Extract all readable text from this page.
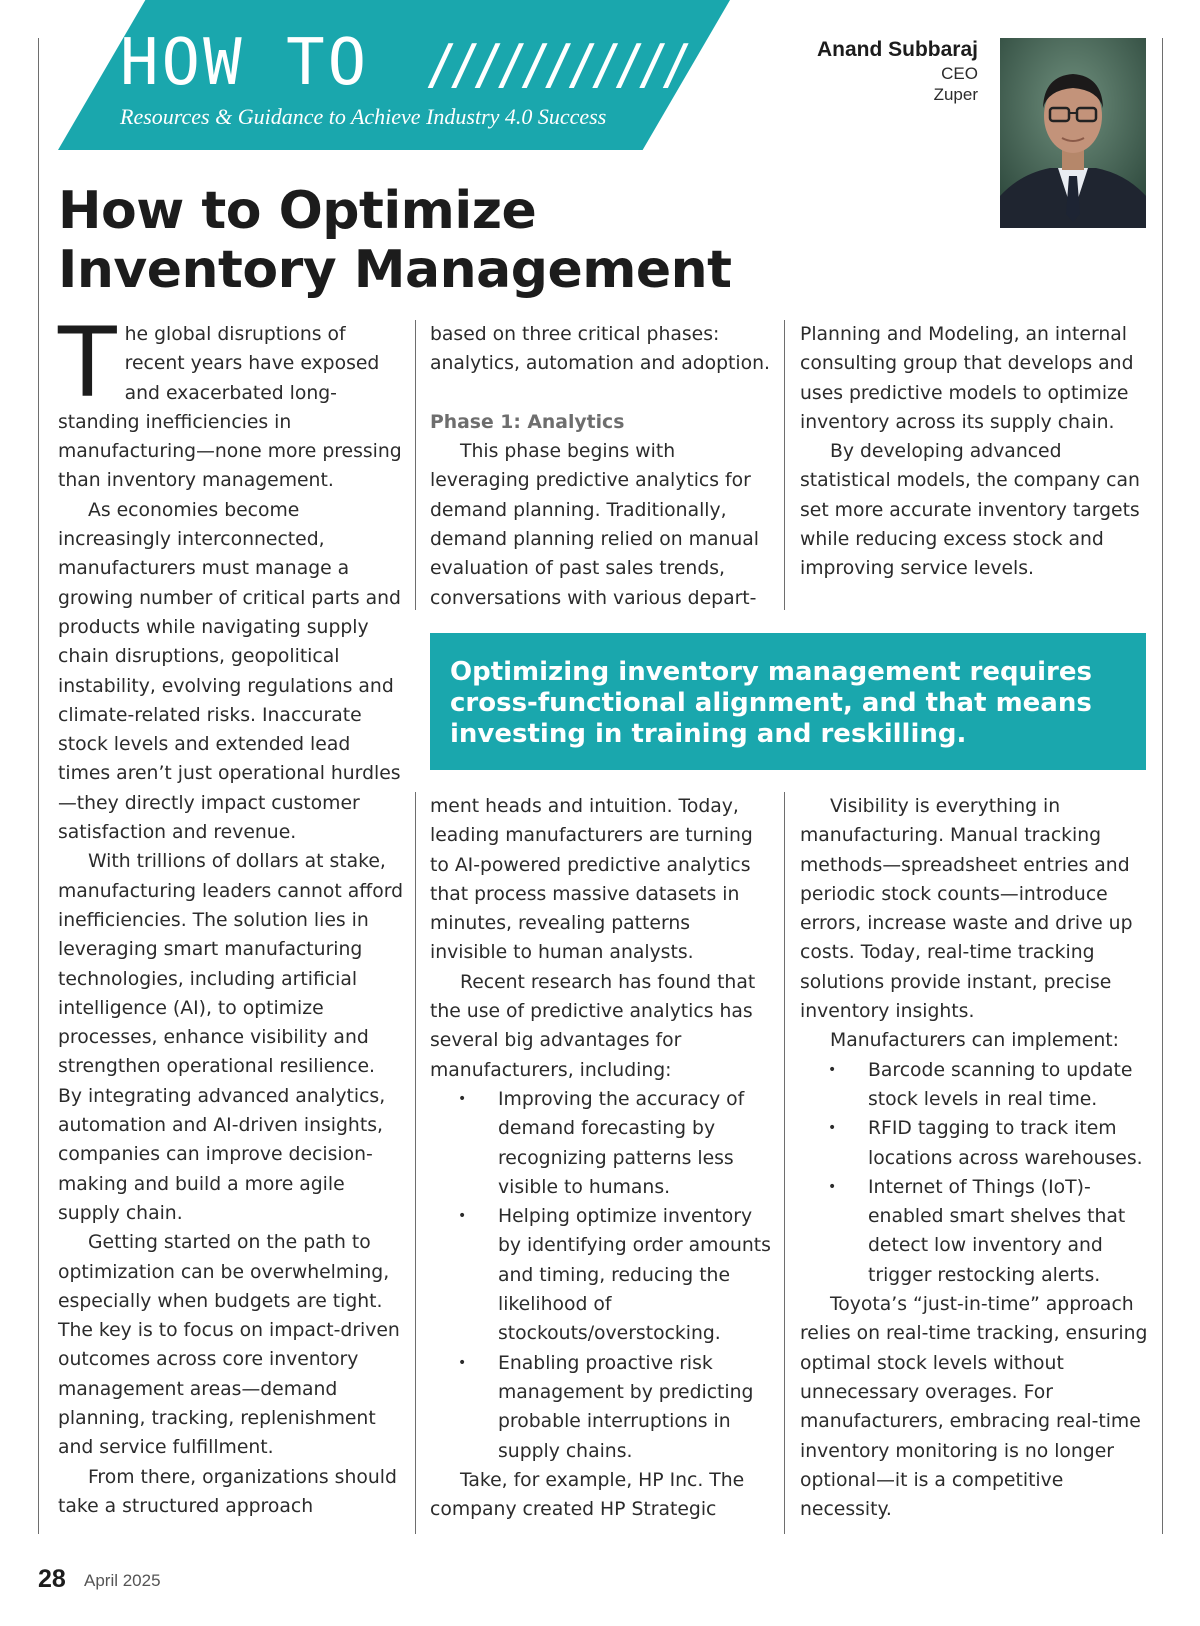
HOW TO //////////////////
Resources & Guidance to Achieve Industry 4.0 Success
Anand Subbaraj
CEO
Zuper
How to Optimize Inventory Management

The global disruptions of recent years have exposed and exacerbated long-standing inefficiencies in manufacturing—none more pressing than inventory management.

As economies become increasingly interconnected, manufacturers must manage a growing number of critical parts and products while navigating supply chain disruptions, geopolitical instability, evolving regulations and climate-related risks. Inaccurate stock levels and extended lead times aren’t just operational hurdles—they directly impact customer satisfaction and revenue.

With trillions of dollars at stake, manufacturing leaders cannot afford inefficiencies. The solution lies in leveraging smart manufacturing technologies, including artificial intelligence (AI), to optimize processes, enhance visibility and strengthen operational resilience. By integrating advanced analytics, automation and AI-driven insights, companies can improve decision-making and build a more agile supply chain.

Getting started on the path to optimization can be overwhelming, especially when budgets are tight. The key is to focus on impact-driven outcomes across core inventory management areas—demand planning, tracking, replenishment and service fulfillment.

From there, organizations should take a structured approach

based on three critical phases: analytics, automation and adoption.

Phase 1: Analytics

This phase begins with leveraging predictive analytics for demand planning. Traditionally, demand planning relied on manual evaluation of past sales trends, conversations with various depart-

Planning and Modeling, an internal consulting group that develops and uses predictive models to optimize inventory across its supply chain.

By developing advanced statistical models, the company can set more accurate inventory targets while reducing excess stock and improving service levels.

Optimizing inventory management requires cross-functional alignment, and that means investing in training and reskilling.

ment heads and intuition. Today, leading manufacturers are turning to AI-powered predictive analytics that process massive datasets in minutes, revealing patterns invisible to human analysts.

Recent research has found that the use of predictive analytics has several big advantages for manufacturers, including:

• Improving the accuracy of demand forecasting by recognizing patterns less visible to humans.
• Helping optimize inventory by identifying order amounts and timing, reducing the likelihood of stockouts/overstocking.
• Enabling proactive risk management by predicting probable interruptions in supply chains.

Take, for example, HP Inc. The company created HP Strategic

Visibility is everything in manufacturing. Manual tracking methods—spreadsheet entries and periodic stock counts—introduce errors, increase waste and drive up costs. Today, real-time tracking solutions provide instant, precise inventory insights.

Manufacturers can implement:

• Barcode scanning to update stock levels in real time.
• RFID tagging to track item locations across warehouses.
• Internet of Things (IoT)-enabled smart shelves that detect low inventory and trigger restocking alerts.

Toyota’s “just-in-time” approach relies on real-time tracking, ensuring optimal stock levels without unnecessary overages. For manufacturers, embracing real-time inventory monitoring is no longer optional—it is a competitive necessity.

28 April 2025
